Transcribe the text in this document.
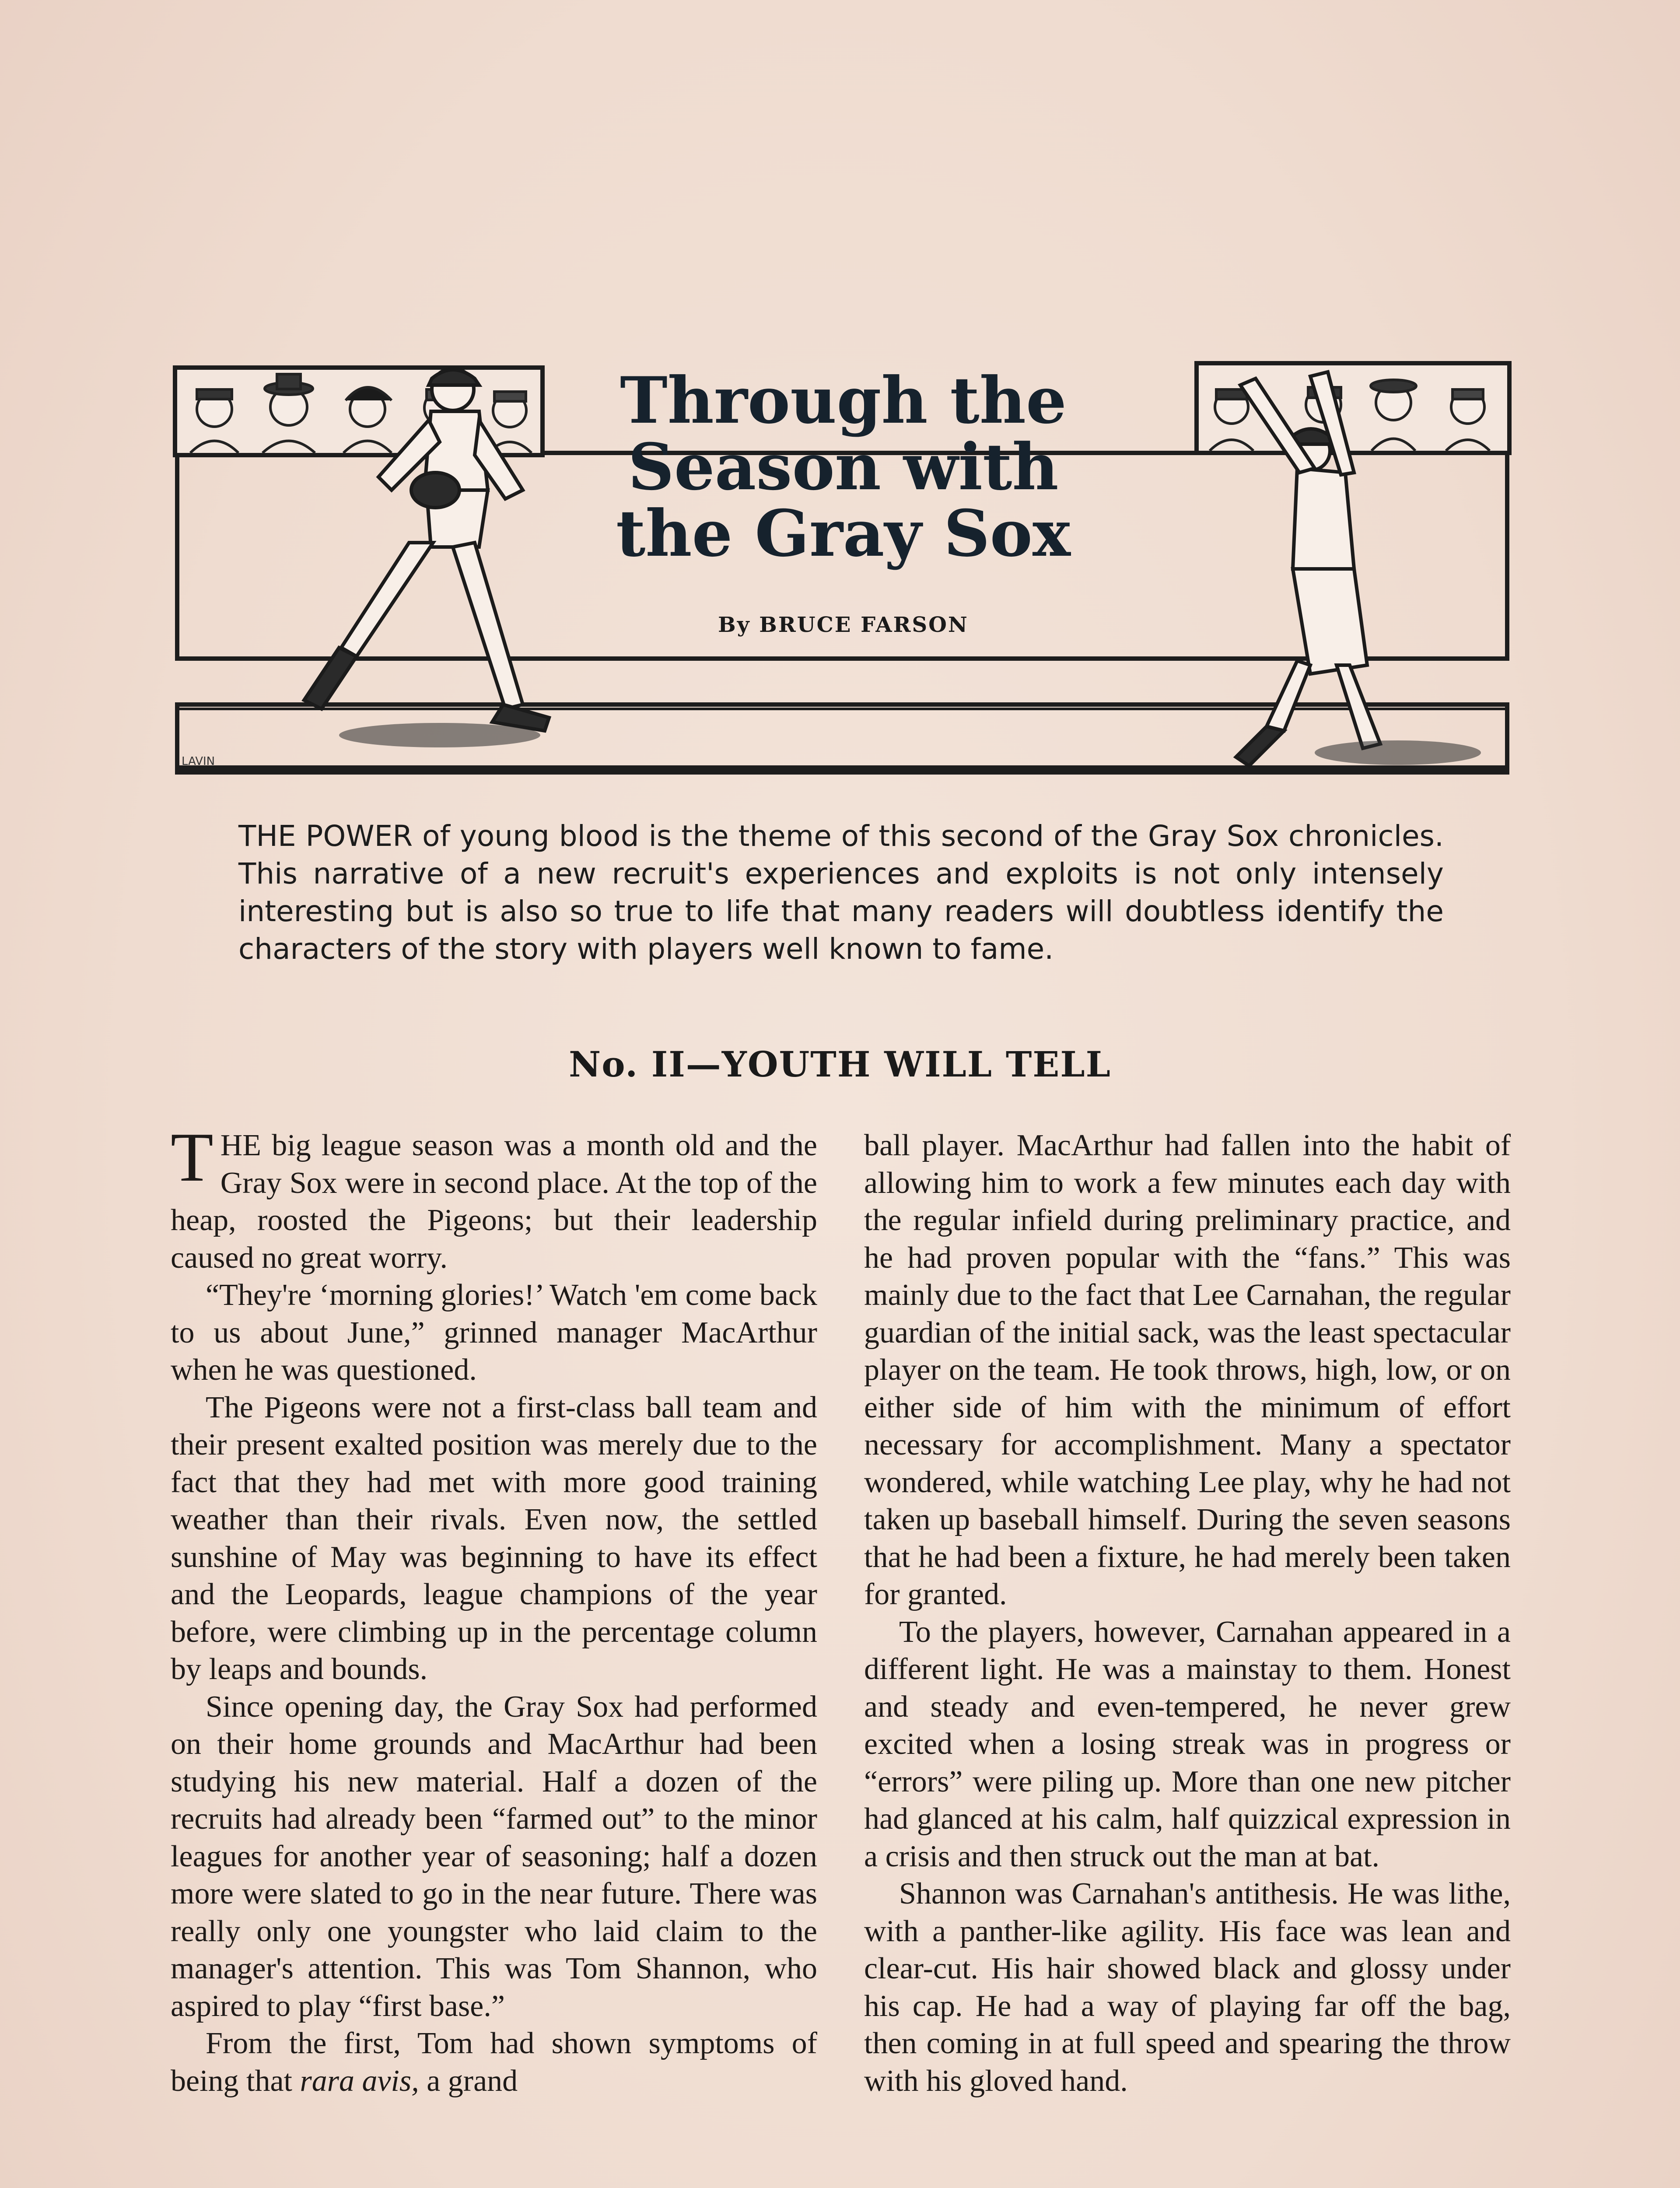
Through the
Season with
the Gray Sox
By BRUCE FARSON
LAVIN

THE POWER of young blood is the theme of this second of the Gray Sox chronicles. This narrative of a new recruit's experiences and exploits is not only intensely interesting but is also so true to life that many readers will doubtless identify the characters of the story with players well known to fame.

No. II—YOUTH WILL TELL

THE big league season was a month old and the Gray Sox were in second place. At the top of the heap, roosted the Pigeons; but their leadership caused no great worry.

“They're ‘morning glories!’ Watch 'em come back to us about June,” grinned manager MacArthur when he was questioned.

The Pigeons were not a first-class ball team and their present exalted position was merely due to the fact that they had met with more good training weather than their rivals. Even now, the settled sunshine of May was beginning to have its effect and the Leopards, league champions of the year before, were climbing up in the percentage column by leaps and bounds.

Since opening day, the Gray Sox had performed on their home grounds and MacArthur had been studying his new material. Half a dozen of the recruits had already been “farmed out” to the minor leagues for another year of seasoning; half a dozen more were slated to go in the near future. There was really only one youngster who laid claim to the manager's attention. This was Tom Shannon, who aspired to play “first base.”

From the first, Tom had shown symptoms of being that rara avis, a grand

ball player. MacArthur had fallen into the habit of allowing him to work a few minutes each day with the regular infield during preliminary practice, and he had proven popular with the “fans.” This was mainly due to the fact that Lee Carnahan, the regular guardian of the initial sack, was the least spectacular player on the team. He took throws, high, low, or on either side of him with the minimum of effort necessary for accomplishment. Many a spectator wondered, while watching Lee play, why he had not taken up baseball himself. During the seven seasons that he had been a fixture, he had merely been taken for granted.

To the players, however, Carnahan appeared in a different light. He was a mainstay to them. Honest and steady and even-tempered, he never grew excited when a losing streak was in progress or “errors” were piling up. More than one new pitcher had glanced at his calm, half quizzical expression in a crisis and then struck out the man at bat.

Shannon was Carnahan's antithesis. He was lithe, with a panther-like agility. His face was lean and clear-cut. His hair showed black and glossy under his cap. He had a way of playing far off the bag, then coming in at full speed and spearing the throw with his gloved hand.
